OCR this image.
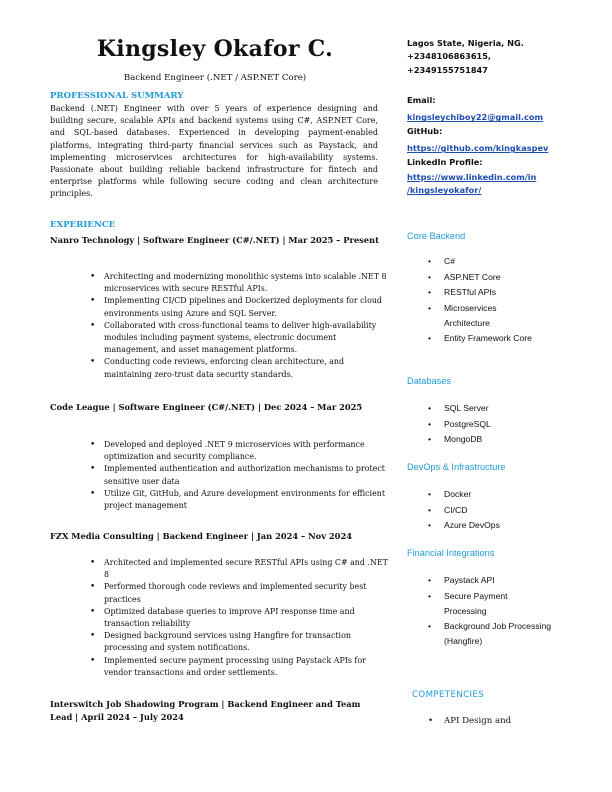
Kingsley Okafor C.
Backend Engineer (.NET / ASP.NET Core)
Lagos State, Nigeria, NG.
+2348106863615,
+2349155751847
Email:
kingsleychiboy22@gmail.com
GitHub:
https://github.com/kingkaspev
LinkedIn Profile:
https://www.linkedin.com/in
/kingsleyokafor/
PROFESSIONAL SUMMARY
Backend (.NET) Engineer with over 5 years of experience designing and building secure, scalable APIs and backend systems using C#, ASP.NET Core, and SQL-based databases. Experienced in developing payment-enabled platforms, integrating third-party financial services such as Paystack, and implementing microservices architectures for high-availability systems. Passionate about building reliable backend infrastructure for fintech and enterprise platforms while following secure coding and clean architecture principles.
EXPERIENCE
Nanro Technology | Software Engineer (C#/.NET) | Mar 2025 – Present
• Architecting and modernizing monolithic systems into scalable .NET 8 microservices with secure RESTful APIs.
• Implementing CI/CD pipelines and Dockerized deployments for cloud environments using Azure and SQL Server.
• Collaborated with cross-functional teams to deliver high-availability modules including payment systems, electronic document management, and asset management platforms.
• Conducting code reviews, enforcing clean architecture, and maintaining zero-trust data security standards.
Code League | Software Engineer (C#/.NET) | Dec 2024 – Mar 2025
• Developed and deployed .NET 9 microservices with performance optimization and security compliance.
• Implemented authentication and authorization mechanisms to protect sensitive user data
• Utilize Git, GitHub, and Azure development environments for efficient project management
FZX Media Consulting | Backend Engineer | Jan 2024 – Nov 2024
• Architected and implemented secure RESTful APIs using C# and .NET 8
• Performed thorough code reviews and implemented security best practices
• Optimized database queries to improve API response time and transaction reliability
• Designed background services using Hangfire for transaction processing and system notifications.
• Implemented secure payment processing using Paystack APIs for vendor transactions and order settlements.
Interswitch Job Shadowing Program | Backend Engineer and Team Lead | April 2024 – July 2024
Core Backend
• C#
• ASP.NET Core
• RESTful APIs
• Microservices Architecture
• Entity Framework Core
Databases
• SQL Server
• PostgreSQL
• MongoDB
DevOps & Infrastructure
• Docker
• CI/CD
• Azure DevOps
Financial Integrations
• Paystack API
• Secure Payment Processing
• Background Job Processing (Hangfire)
COMPETENCIES
• API Design and
